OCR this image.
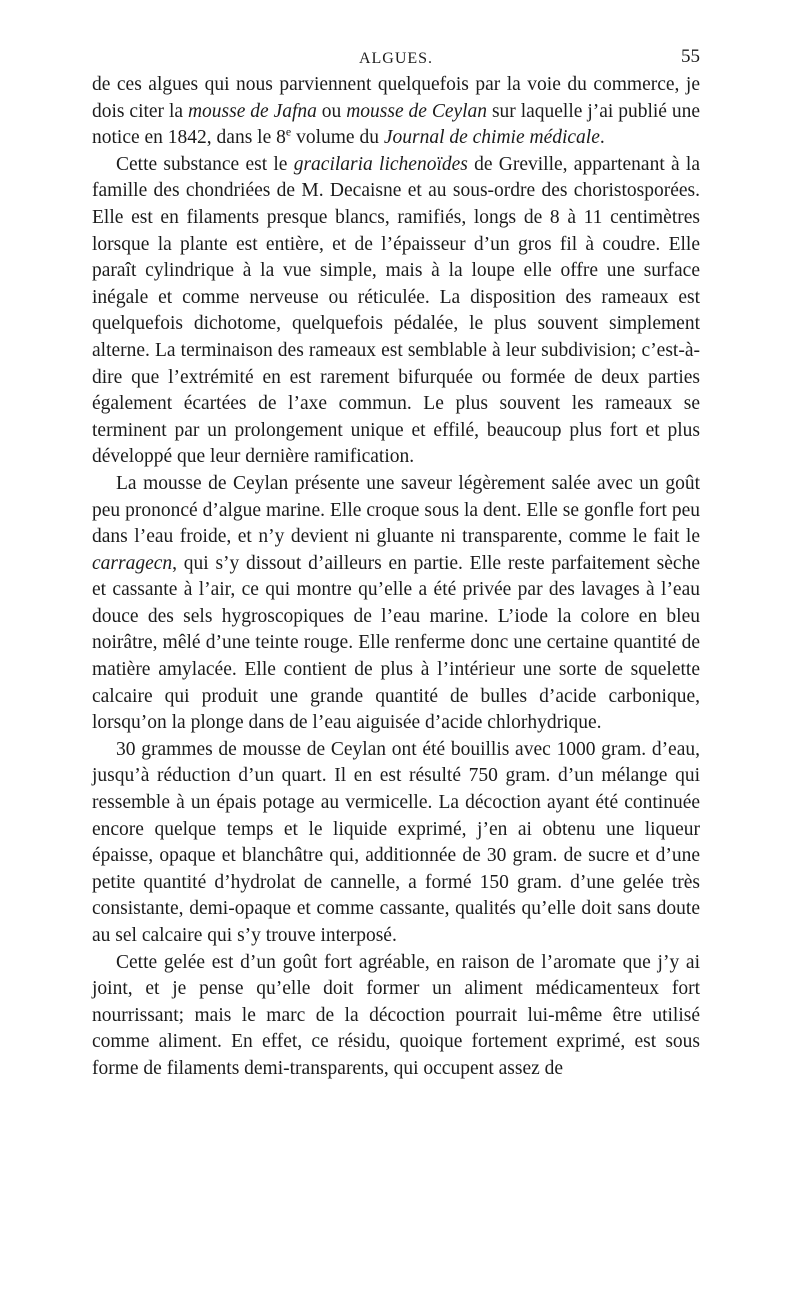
ALGUES.	55

de ces algues qui nous parviennent quelquefois par la voie du commerce, je dois citer la mousse de Jafna ou mousse de Ceylan sur laquelle j’ai publié une notice en 1842, dans le 8e volume du Journal de chimie médicale.

Cette substance est le gracilaria lichenoïdes de Greville, appartenant à la famille des chondriées de M. Decaisne et au sous-ordre des choristosporées. Elle est en filaments presque blancs, ramifiés, longs de 8 à 11 centimètres lorsque la plante est entière, et de l’épaisseur d’un gros fil à coudre. Elle paraît cylindrique à la vue simple, mais à la loupe elle offre une surface inégale et comme nerveuse ou réticulée. La disposition des rameaux est quelquefois dichotome, quelquefois pédalée, le plus souvent simplement alterne. La terminaison des rameaux est semblable à leur subdivision; c’est-à-dire que l’extrémité en est rarement bifurquée ou formée de deux parties également écartées de l’axe commun. Le plus souvent les rameaux se terminent par un prolongement unique et effilé, beaucoup plus fort et plus développé que leur dernière ramification.

La mousse de Ceylan présente une saveur légèrement salée avec un goût peu prononcé d’algue marine. Elle croque sous la dent. Elle se gonfle fort peu dans l’eau froide, et n’y devient ni gluante ni transparente, comme le fait le carragecn, qui s’y dissout d’ailleurs en partie. Elle reste parfaitement sèche et cassante à l’air, ce qui montre qu’elle a été privée par des lavages à l’eau douce des sels hygroscopiques de l’eau marine. L’iode la colore en bleu noirâtre, mêlé d’une teinte rouge. Elle renferme donc une certaine quantité de matière amylacée. Elle contient de plus à l’intérieur une sorte de squelette calcaire qui produit une grande quantité de bulles d’acide carbonique, lorsqu’on la plonge dans de l’eau aiguisée d’acide chlorhydrique.

30 grammes de mousse de Ceylan ont été bouillis avec 1000 gram. d’eau, jusqu’à réduction d’un quart. Il en est résulté 750 gram. d’un mélange qui ressemble à un épais potage au vermicelle. La décoction ayant été continuée encore quelque temps et le liquide exprimé, j’en ai obtenu une liqueur épaisse, opaque et blanchâtre qui, additionnée de 30 gram. de sucre et d’une petite quantité d’hydrolat de cannelle, a formé 150 gram. d’une gelée très consistante, demi-opaque et comme cassante, qualités qu’elle doit sans doute au sel calcaire qui s’y trouve interposé.

Cette gelée est d’un goût fort agréable, en raison de l’aromate que j’y ai joint, et je pense qu’elle doit former un aliment médicamenteux fort nourrissant; mais le marc de la décoction pourrait lui-même être utilisé comme aliment. En effet, ce résidu, quoique fortement exprimé, est sous forme de filaments demi-transparents, qui occupent assez de
